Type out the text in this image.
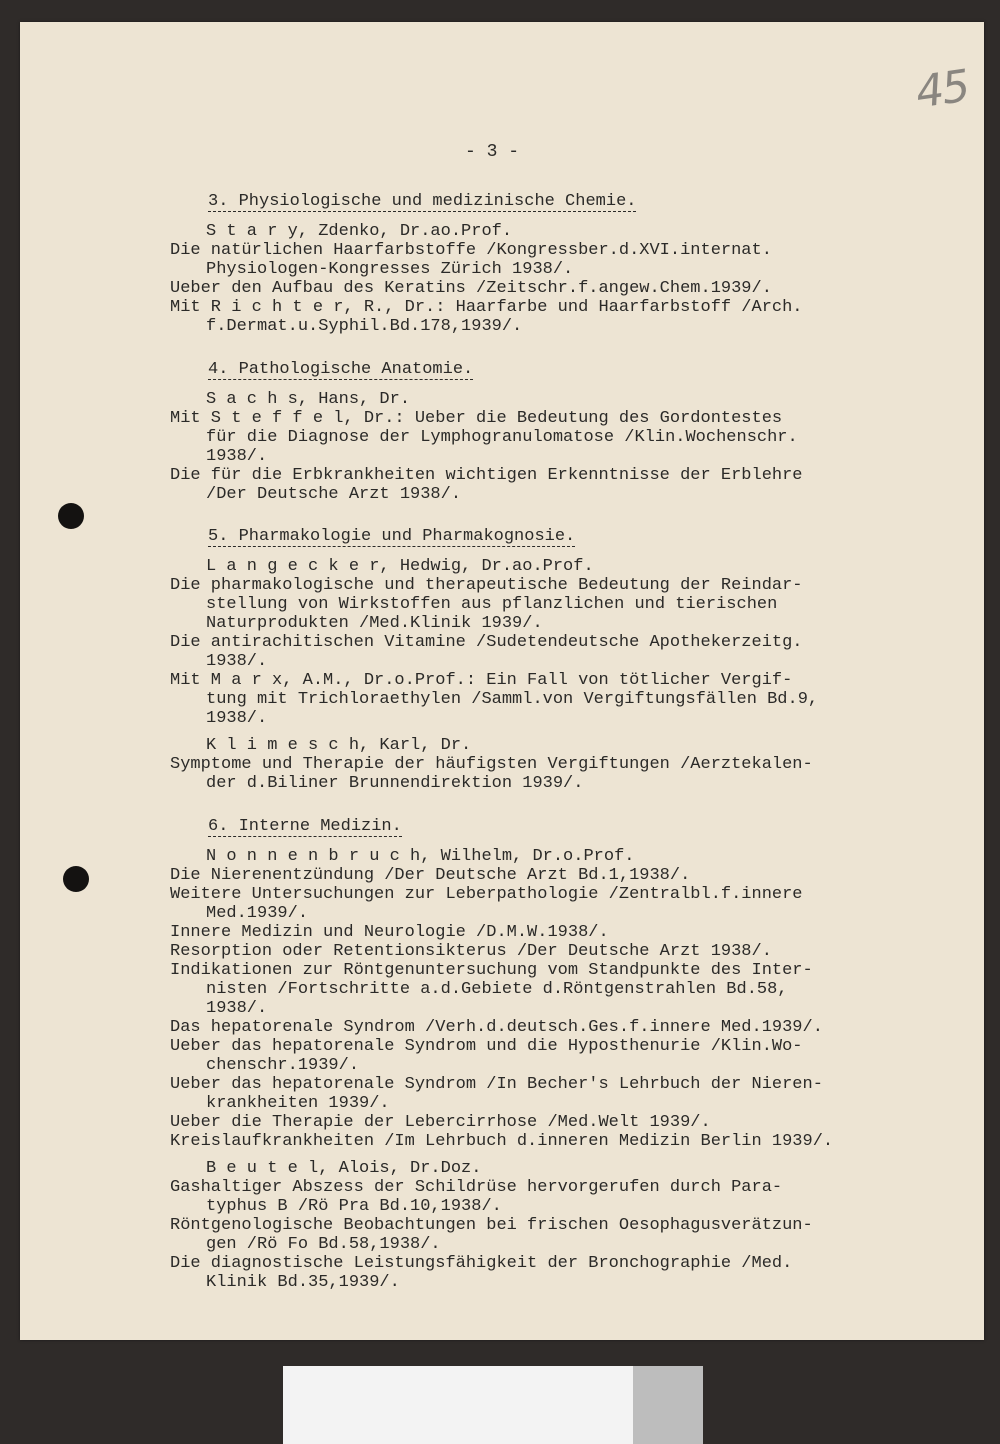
45
- 3 -
3. Physiologische und medizinische Chemie.
S t a r y, Zdenko, Dr.ao.Prof.
Die natürlichen Haarfarbstoffe /Kongressber.d.XVI.internat.
Physiologen-Kongresses Zürich 1938/.
Ueber den Aufbau des Keratins /Zeitschr.f.angew.Chem.1939/.
Mit R i c h t e r, R., Dr.: Haarfarbe und Haarfarbstoff /Arch.
f.Dermat.u.Syphil.Bd.178,1939/.
4. Pathologische Anatomie.
S a c h s, Hans, Dr.
Mit S t e f f e l, Dr.: Ueber die Bedeutung des Gordontestes
für die Diagnose der Lymphogranulomatose /Klin.Wochenschr.
1938/.
Die für die Erbkrankheiten wichtigen Erkenntnisse der Erblehre
/Der Deutsche Arzt 1938/.
5. Pharmakologie und Pharmakognosie.
L a n g e c k e r, Hedwig, Dr.ao.Prof.
Die pharmakologische und therapeutische Bedeutung der Reindar-
stellung von Wirkstoffen aus pflanzlichen und tierischen
Naturprodukten /Med.Klinik 1939/.
Die antirachitischen Vitamine /Sudetendeutsche Apothekerzeitg.
1938/.
Mit M a r x, A.M., Dr.o.Prof.: Ein Fall von tötlicher Vergif-
tung mit Trichloraethylen /Samml.von Vergiftungsfällen Bd.9,
1938/.
K l i m e s c h, Karl, Dr.
Symptome und Therapie der häufigsten Vergiftungen /Aerztekalen-
der d.Biliner Brunnendirektion 1939/.
6. Interne Medizin.
N o n n e n b r u c h, Wilhelm, Dr.o.Prof.
Die Nierenentzündung /Der Deutsche Arzt Bd.1,1938/.
Weitere Untersuchungen zur Leberpathologie /Zentralbl.f.innere
Med.1939/.
Innere Medizin und Neurologie /D.M.W.1938/.
Resorption oder Retentionsikterus /Der Deutsche Arzt 1938/.
Indikationen zur Röntgenuntersuchung vom Standpunkte des Inter-
nisten /Fortschritte a.d.Gebiete d.Röntgenstrahlen Bd.58,
1938/.
Das hepatorenale Syndrom /Verh.d.deutsch.Ges.f.innere Med.1939/.
Ueber das hepatorenale Syndrom und die Hyposthenurie /Klin.Wo-
chenschr.1939/.
Ueber das hepatorenale Syndrom /In Becher's Lehrbuch der Nieren-
krankheiten 1939/.
Ueber die Therapie der Lebercirrhose /Med.Welt 1939/.
Kreislaufkrankheiten /Im Lehrbuch d.inneren Medizin Berlin 1939/.
B e u t e l, Alois, Dr.Doz.
Gashaltiger Abszess der Schildrüse hervorgerufen durch Para-
typhus B /Rö Pra Bd.10,1938/.
Röntgenologische Beobachtungen bei frischen Oesophagusverätzun-
gen /Rö Fo Bd.58,1938/.
Die diagnostische Leistungsfähigkeit der Bronchographie /Med.
Klinik Bd.35,1939/.
